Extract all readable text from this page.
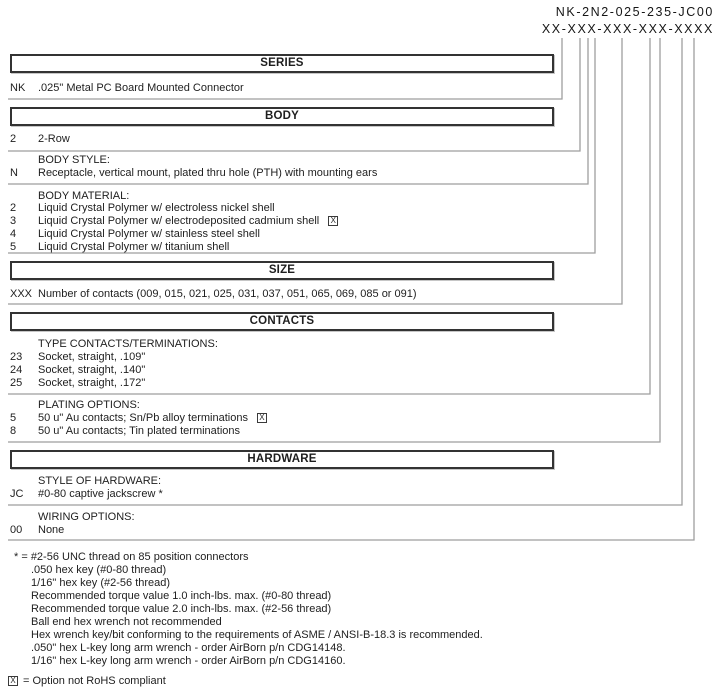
NK-2N2-025-235-JC00
XX-XXX-XXX-XXX-XXXX
SERIES
NK .025" Metal PC Board Mounted Connector
BODY
2 2-Row
BODY STYLE:
N Receptacle, vertical mount, plated thru hole (PTH) with mounting ears
BODY MATERIAL:
2 Liquid Crystal Polymer w/ electroless nickel shell
3 Liquid Crystal Polymer w/ electrodeposited cadmium shell X
4 Liquid Crystal Polymer w/ stainless steel shell
5 Liquid Crystal Polymer w/ titanium shell
SIZE
XXX Number of contacts (009, 015, 021, 025, 031, 037, 051, 065, 069, 085 or 091)
CONTACTS
TYPE CONTACTS/TERMINATIONS:
23 Socket, straight, .109"
24 Socket, straight, .140"
25 Socket, straight, .172"
PLATING OPTIONS:
5 50 u" Au contacts; Sn/Pb alloy terminations X
8 50 u" Au contacts; Tin plated terminations
HARDWARE
STYLE OF HARDWARE:
JC #0-80 captive jackscrew *
WIRING OPTIONS:
00 None
* = #2-56 UNC thread on 85 position connectors
.050 hex key (#0-80 thread)
1/16" hex key (#2-56 thread)
Recommended torque value 1.0 inch-lbs. max. (#0-80 thread)
Recommended torque value 2.0 inch-lbs. max. (#2-56 thread)
Ball end hex wrench not recommended
Hex wrench key/bit conforming to the requirements of ASME / ANSI-B-18.3 is recommended.
.050" hex L-key long arm wrench - order AirBorn p/n CDG14148.
1/16" hex L-key long arm wrench - order AirBorn p/n CDG14160.
X = Option not RoHS compliant
